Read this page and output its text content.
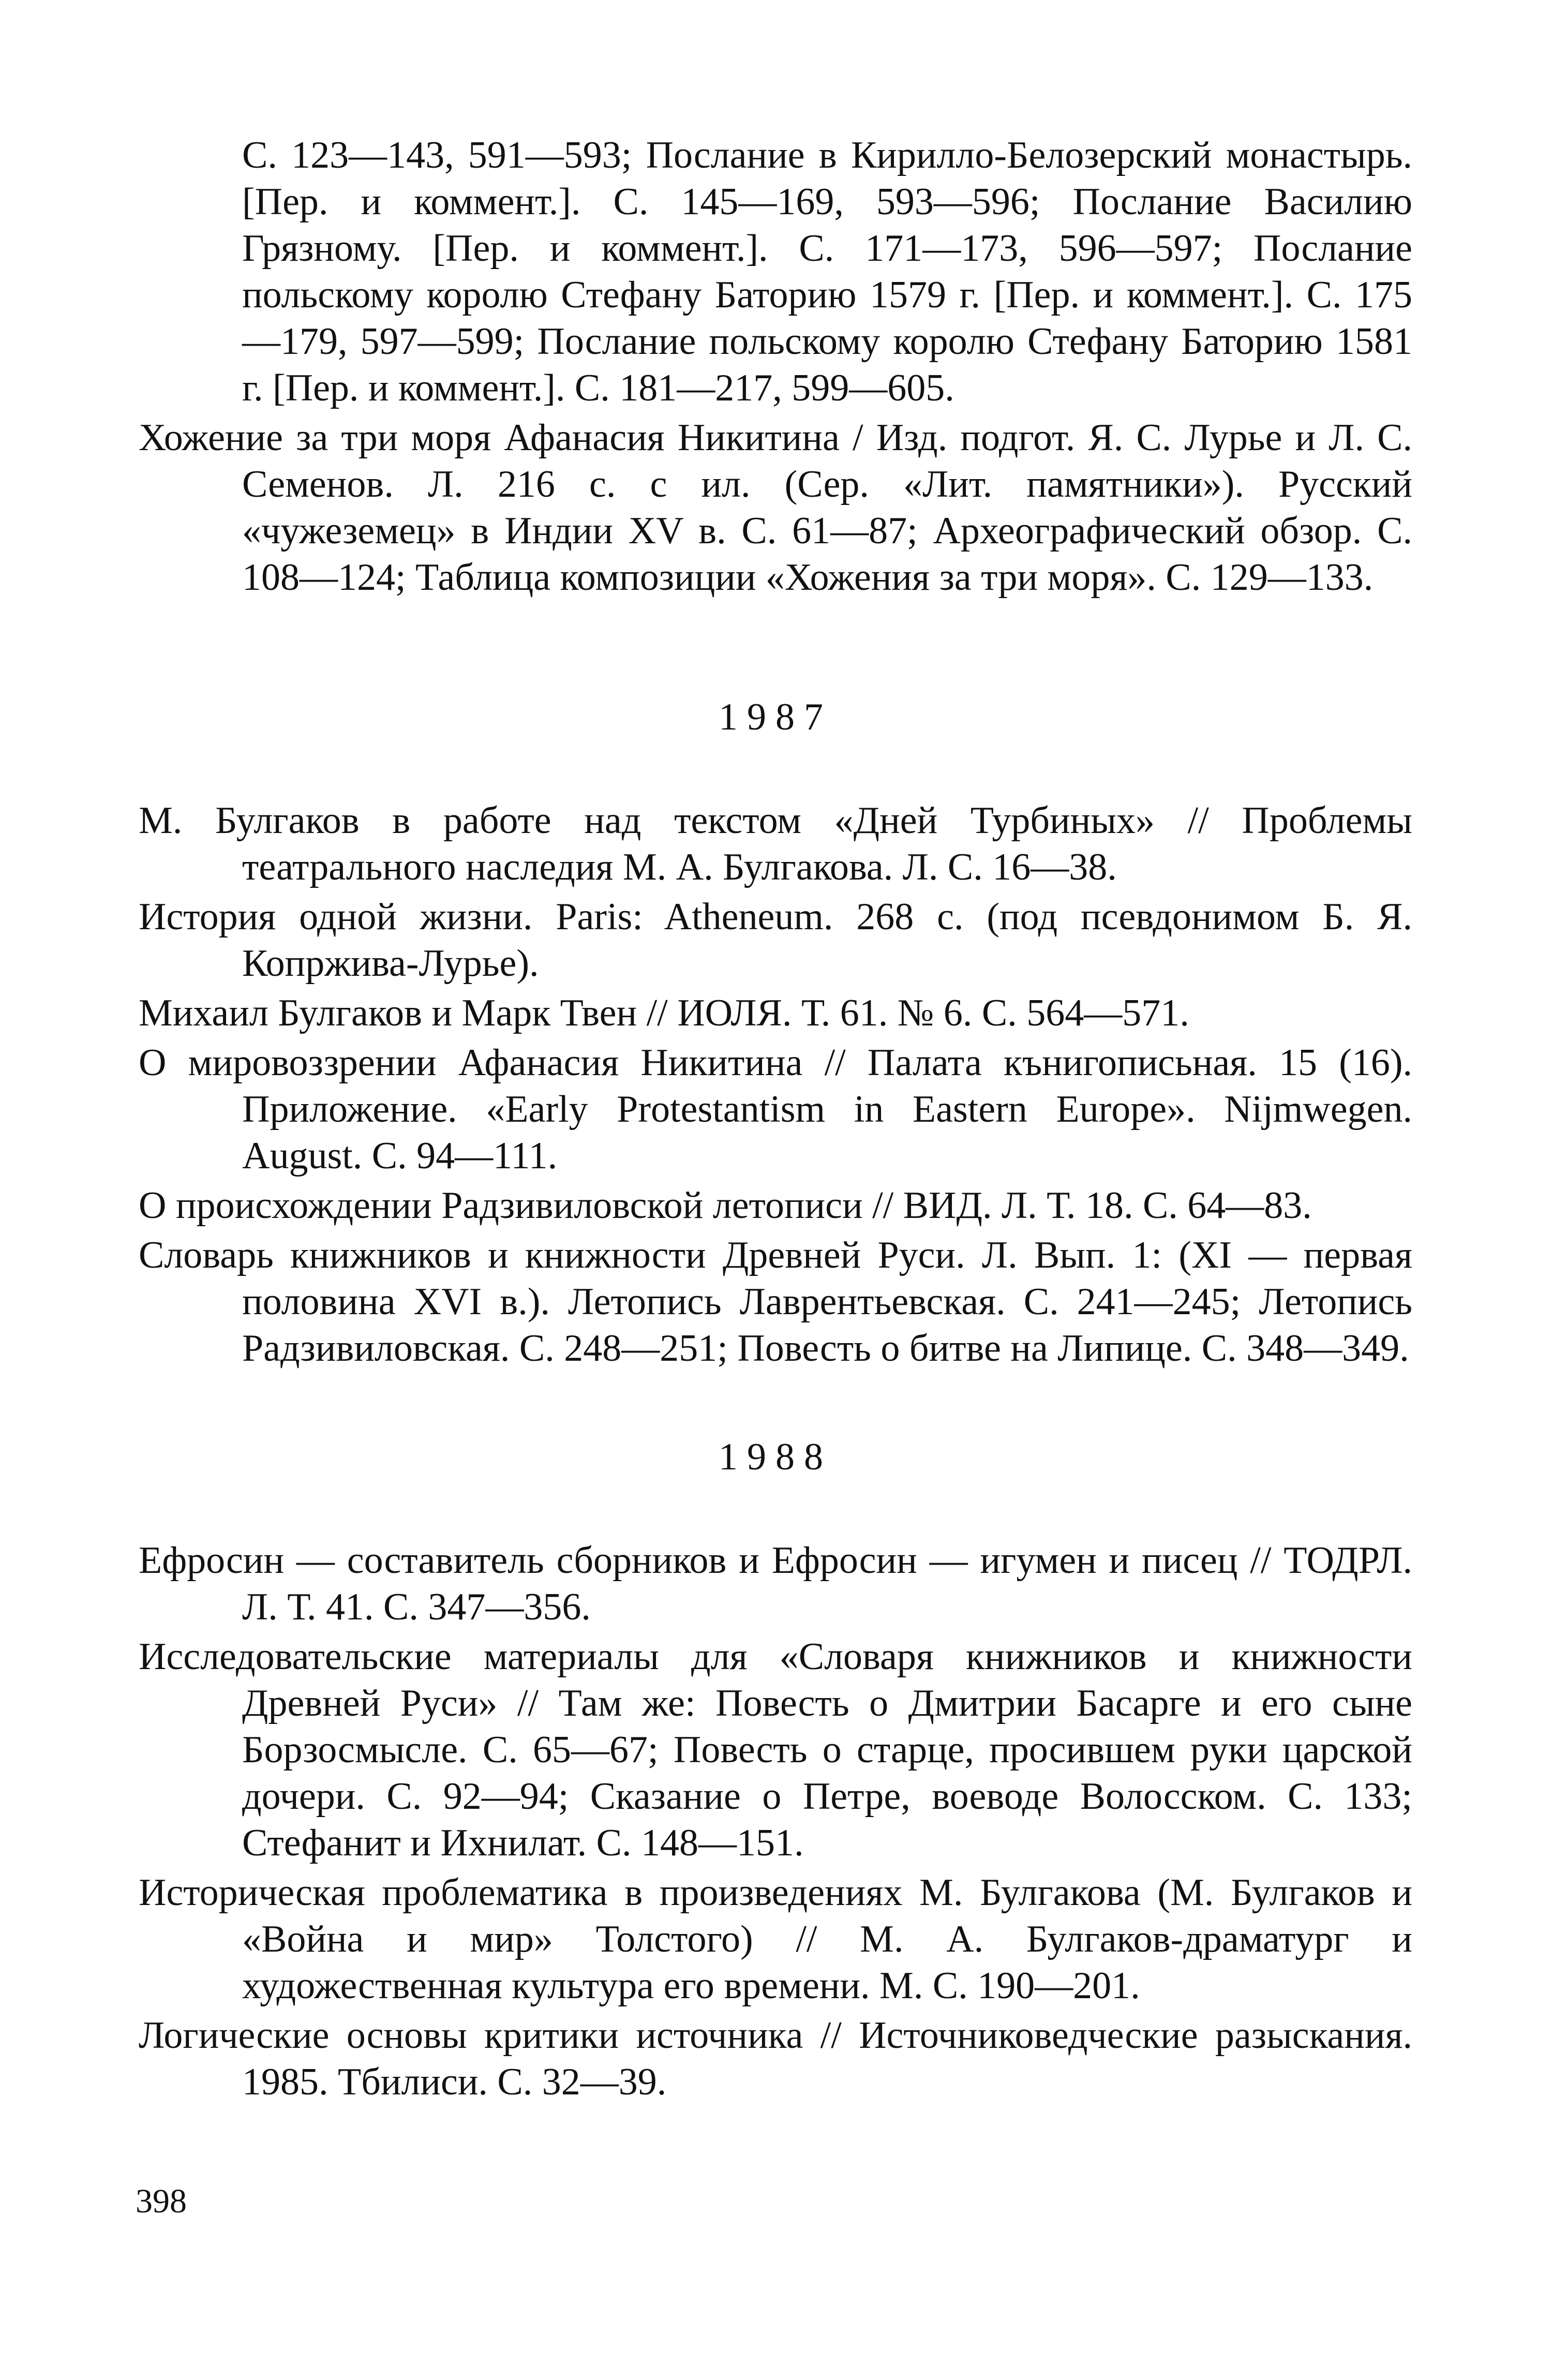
С. 123—143, 591—593; Послание в Кирилло-Белозерский монастырь. [Пер. и коммент.]. С. 145—169, 593—596; Послание Василию Грязному. [Пер. и коммент.]. С. 171—173, 596—597; Послание польскому королю Стефану Баторию 1579 г. [Пер. и коммент.]. С. 175—179, 597—599; Послание польскому королю Стефану Баторию 1581 г. [Пер. и коммент.]. С. 181—217, 599—605.

Хожение за три моря Афанасия Никитина / Изд. подгот. Я. С. Лурье и Л. С. Семенов. Л. 216 с. с ил. (Сер. «Лит. памятники»). Русский «чужеземец» в Индии XV в. С. 61—87; Археографический обзор. С. 108—124; Таблица композиции «Хожения за три моря». С. 129—133.

1987

М. Булгаков в работе над текстом «Дней Турбиных» // Проблемы театрального наследия М. А. Булгакова. Л. С. 16—38.

История одной жизни. Paris: Atheneum. 268 с. (под псевдонимом Б. Я. Копржива-Лурье).

Михаил Булгаков и Марк Твен // ИОЛЯ. Т. 61. № 6. С. 564—571.

О мировоззрении Афанасия Никитина // Палата кънигописьная. 15 (16). Приложение. «Early Protestantism in Eastern Europe». Nijmwegen. August. С. 94—111.

О происхождении Радзивиловской летописи // ВИД. Л. Т. 18. С. 64—83.

Словарь книжников и книжности Древней Руси. Л. Вып. 1: (XI — первая половина XVI в.). Летопись Лаврентьевская. С. 241—245; Летопись Радзивиловская. С. 248—251; Повесть о битве на Липице. С. 348—349.

1988

Ефросин — составитель сборников и Ефросин — игумен и писец // ТОДРЛ. Л. Т. 41. С. 347—356.

Исследовательские материалы для «Словаря книжников и книжности Древней Руси» // Там же: Повесть о Дмитрии Басарге и его сыне Борзосмысле. С. 65—67; Повесть о старце, просившем руки царской дочери. С. 92—94; Сказание о Петре, воеводе Волосском. С. 133; Стефанит и Ихнилат. С. 148—151.

Историческая проблематика в произведениях М. Булгакова (М. Булгаков и «Война и мир» Толстого) // М. А. Булгаков-драматург и художественная культура его времени. М. С. 190—201.

Логические основы критики источника // Источниковедческие разыскания. 1985. Тбилиси. С. 32—39.

398
